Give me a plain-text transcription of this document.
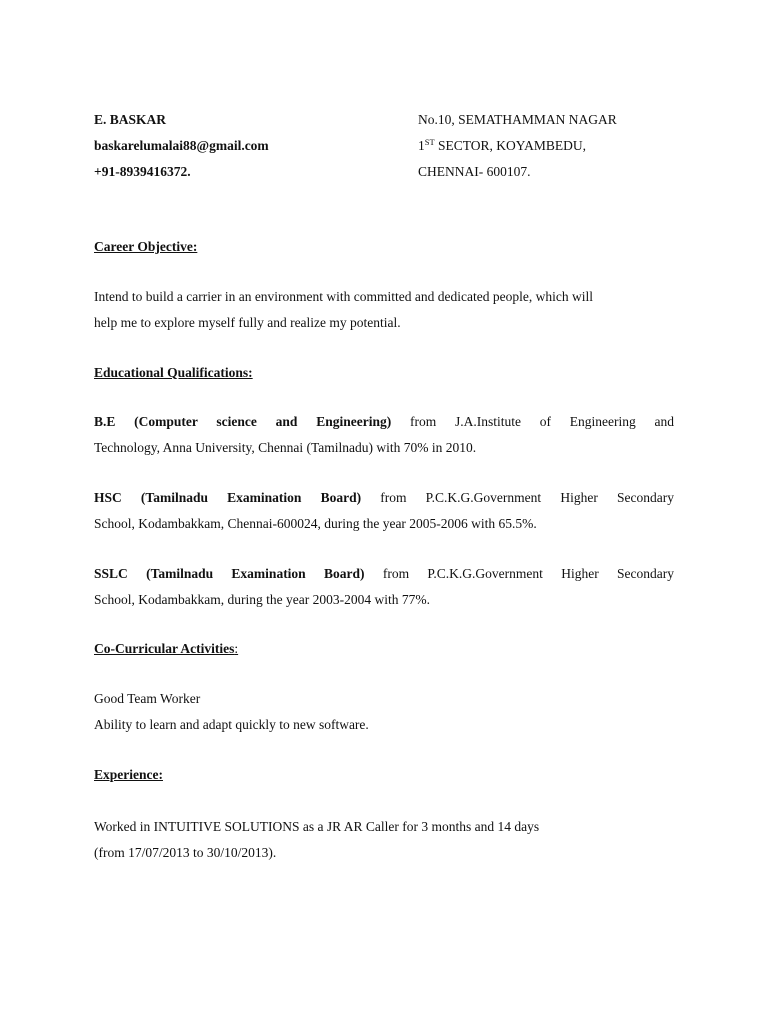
E. BASKAR
baskarelumalai88@gmail.com
+91-8939416372.
No.10, SEMATHAMMAN NAGAR
1ST SECTOR, KOYAMBEDU,
CHENNAI- 600107.
Career Objective:
Intend to build a carrier in an environment with committed and dedicated people, which will
help me to explore myself fully and realize my potential.
Educational Qualifications:
B.E (Computer science and Engineering) from J.A.Institute of Engineering and
Technology, Anna University, Chennai (Tamilnadu) with 70% in 2010.
HSC (Tamilnadu Examination Board) from P.C.K.G.Government Higher Secondary
School, Kodambakkam, Chennai-600024, during the year 2005-2006 with 65.5%.
SSLC (Tamilnadu Examination Board) from P.C.K.G.Government Higher Secondary
School, Kodambakkam, during the year 2003-2004 with 77%.
Co-Curricular Activities:
Good Team Worker
Ability to learn and adapt quickly to new software.
Experience:
Worked in INTUITIVE SOLUTIONS as a JR AR Caller for 3 months and 14 days
(from 17/07/2013 to 30/10/2013).
